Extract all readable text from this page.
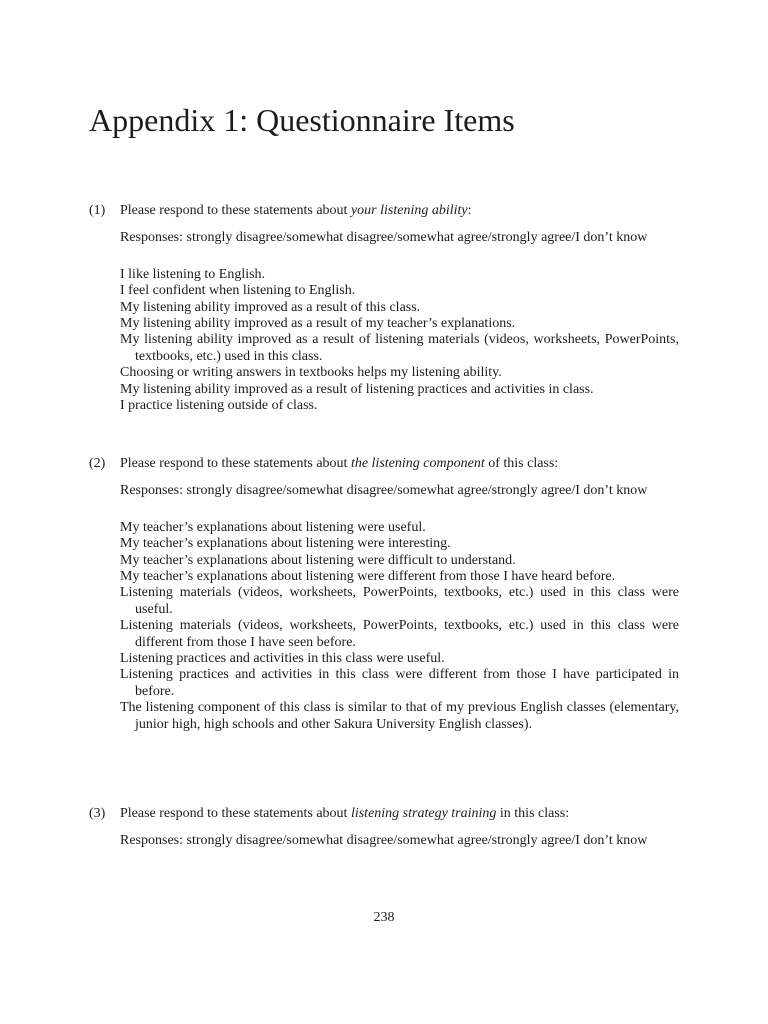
Appendix 1: Questionnaire Items
(1)	Please respond to these statements about your listening ability:
Responses: strongly disagree/somewhat disagree/somewhat agree/strongly agree/I don’t know
I like listening to English.
I feel confident when listening to English.
My listening ability improved as a result of this class.
My listening ability improved as a result of my teacher’s explanations.
My listening ability improved as a result of listening materials (videos, worksheets, PowerPoints, textbooks, etc.) used in this class.
Choosing or writing answers in textbooks helps my listening ability.
My listening ability improved as a result of listening practices and activities in class.
I practice listening outside of class.
(2)	Please respond to these statements about the listening component of this class:
Responses: strongly disagree/somewhat disagree/somewhat agree/strongly agree/I don’t know
My teacher’s explanations about listening were useful.
My teacher’s explanations about listening were interesting.
My teacher’s explanations about listening were difficult to understand.
My teacher’s explanations about listening were different from those I have heard before.
Listening materials (videos, worksheets, PowerPoints, textbooks, etc.) used in this class were useful.
Listening materials (videos, worksheets, PowerPoints, textbooks, etc.) used in this class were different from those I have seen before.
Listening practices and activities in this class were useful.
Listening practices and activities in this class were different from those I have participated in before.
The listening component of this class is similar to that of my previous English classes (elementary, junior high, high schools and other Sakura University English classes).
(3)	Please respond to these statements about listening strategy training in this class:
Responses: strongly disagree/somewhat disagree/somewhat agree/strongly agree/I don’t know
238
